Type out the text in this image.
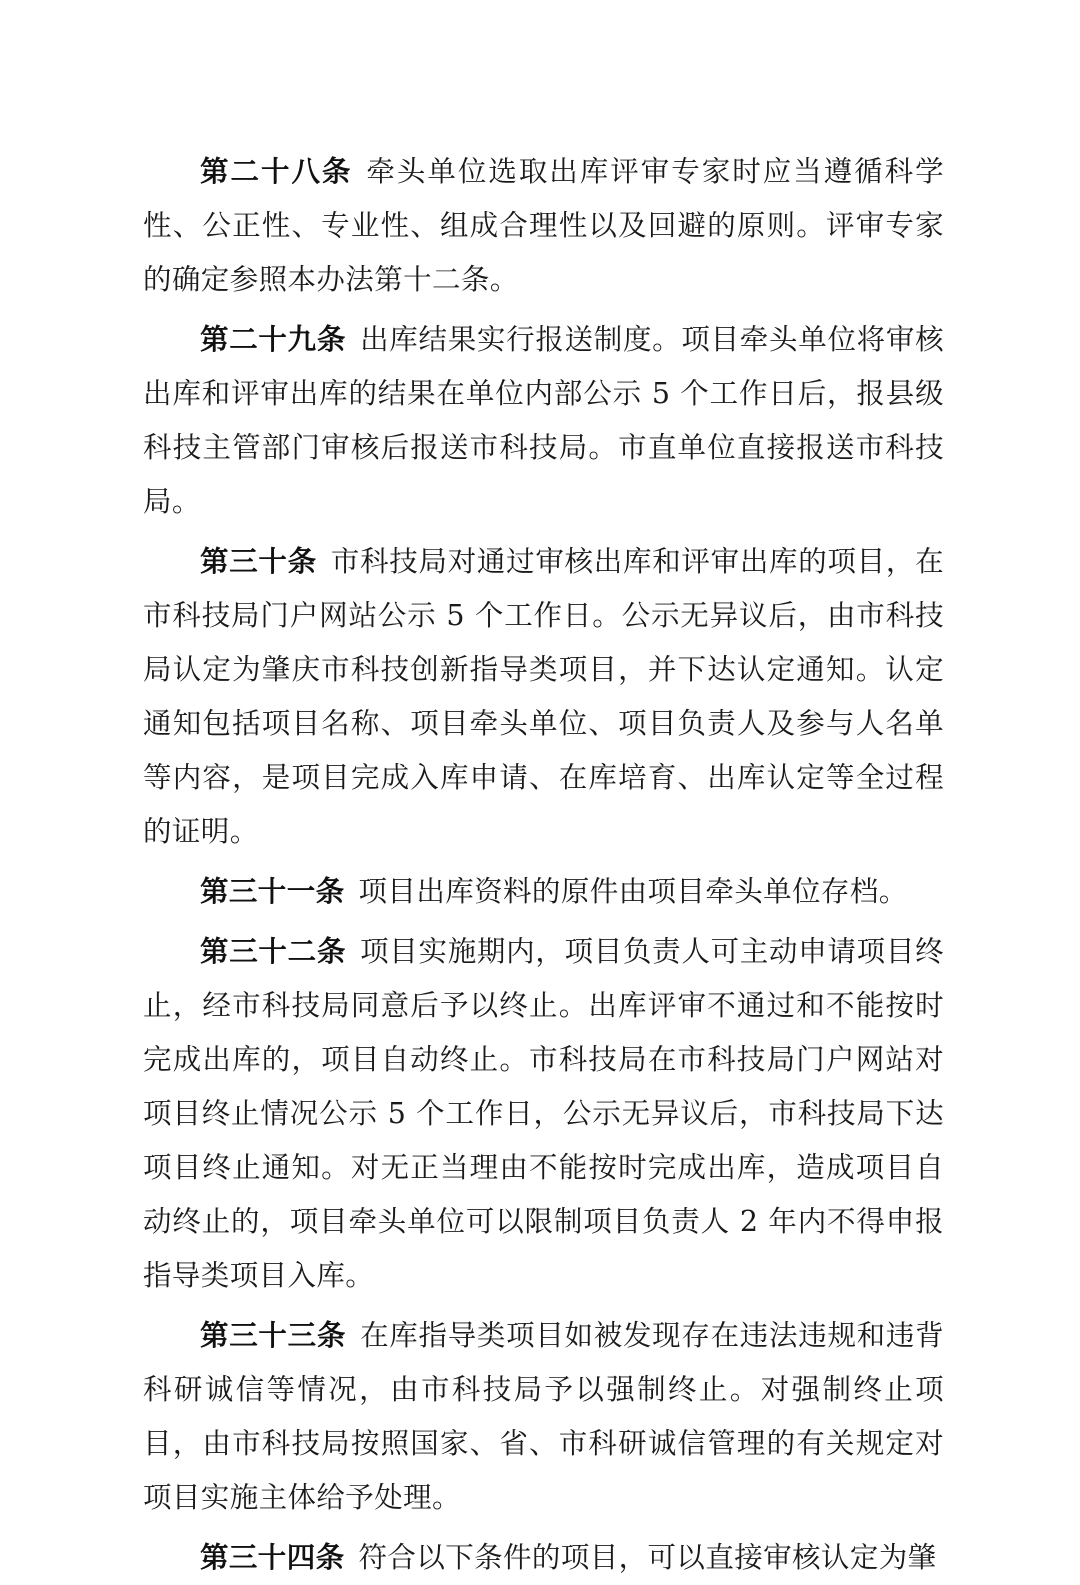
第二十八条 牵头单位选取出库评审专家时应当遵循科学性、公正性、专业性、组成合理性以及回避的原则。评审专家的确定参照本办法第十二条。

第二十九条 出库结果实行报送制度。项目牵头单位将审核出库和评审出库的结果在单位内部公示 5 个工作日后，报县级科技主管部门审核后报送市科技局。市直单位直接报送市科技局。

第三十条 市科技局对通过审核出库和评审出库的项目，在市科技局门户网站公示 5 个工作日。公示无异议后，由市科技局认定为肇庆市科技创新指导类项目，并下达认定通知。认定通知包括项目名称、项目牵头单位、项目负责人及参与人名单等内容，是项目完成入库申请、在库培育、出库认定等全过程的证明。

第三十一条 项目出库资料的原件由项目牵头单位存档。

第三十二条 项目实施期内，项目负责人可主动申请项目终止，经市科技局同意后予以终止。出库评审不通过和不能按时完成出库的，项目自动终止。市科技局在市科技局门户网站对项目终止情况公示 5 个工作日，公示无异议后，市科技局下达项目终止通知。对无正当理由不能按时完成出库，造成项目自动终止的，项目牵头单位可以限制项目负责人 2 年内不得申报指导类项目入库。

第三十三条 在库指导类项目如被发现存在违法违规和违背科研诚信等情况，由市科技局予以强制终止。对强制终止项目，由市科技局按照国家、省、市科研诚信管理的有关规定对项目实施主体给予处理。

第三十四条 符合以下条件的项目，可以直接审核认定为肇
